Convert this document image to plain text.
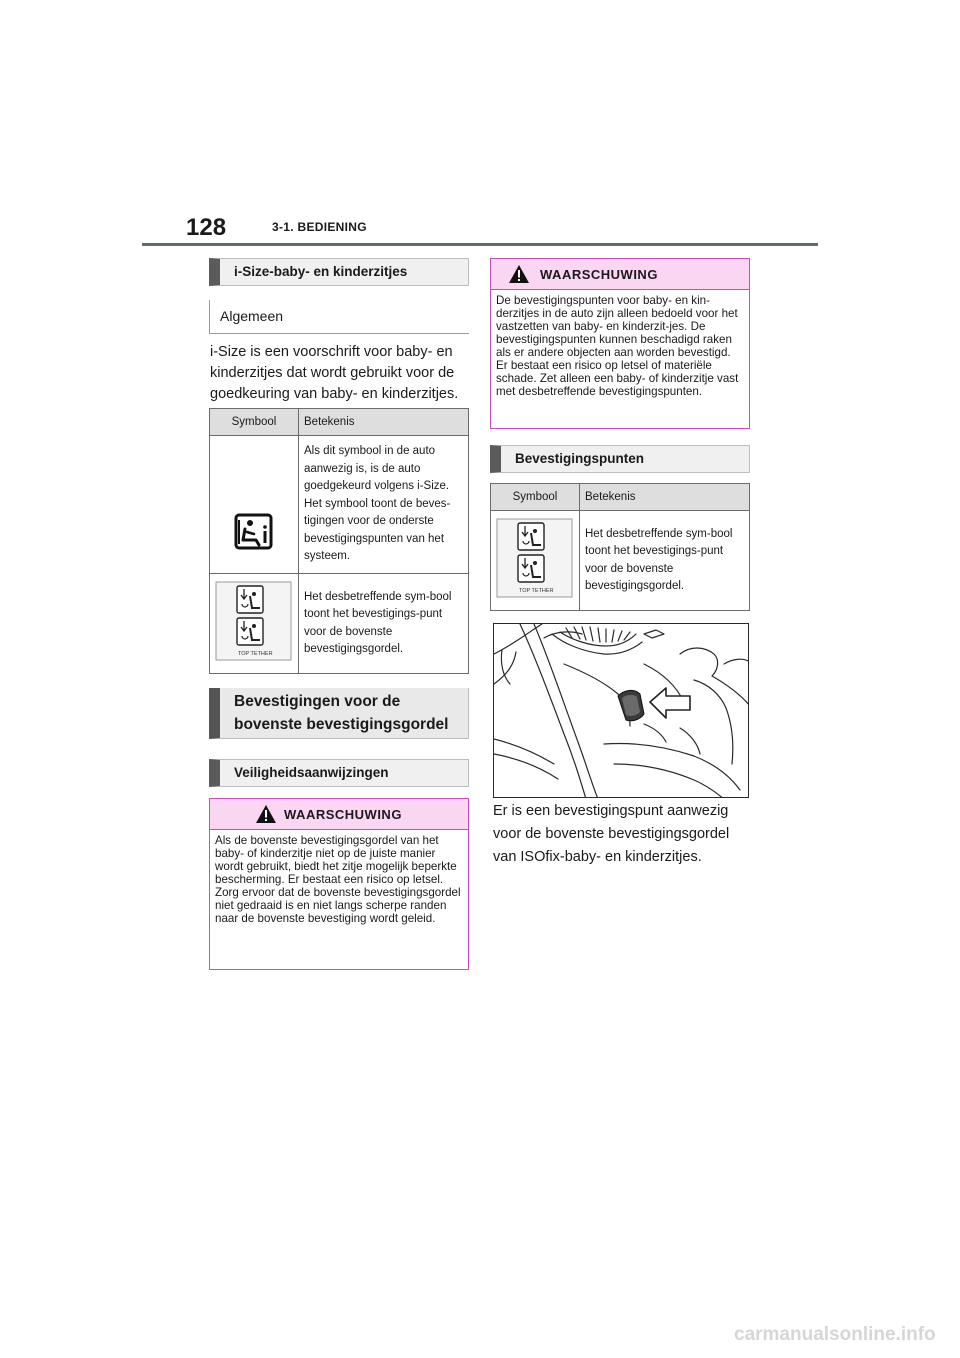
128	3-1. BEDIENING
i-Size-baby- en kinderzitjes
Algemeen
i-Size is een voorschrift voor baby- en kinderzitjes dat wordt gebruikt voor de goedkeuring van baby- en kinderzitjes.
Symbool	Betekenis
	Als dit symbool in de auto aanwezig is, is de auto goedgekeurd volgens i-Size. Het symbool toont de beves-tigingen voor de onderste bevestigingspunten van het systeem.

TOP TETHER	Het desbetreffende sym-bool toont het bevestigings-punt voor de bovenste bevestigingsgordel.
Bevestigingen voor de bovenste bevestigingsgordel
Veiligheidsaanwijzingen
WAARSCHUWING
Als de bovenste bevestigingsgordel van het baby- of kinderzitje niet op de juiste manier wordt gebruikt, biedt het zitje mogelijk beperkte bescherming. Er bestaat een risico op letsel. Zorg ervoor dat de bovenste bevestigingsgordel niet gedraaid is en niet langs scherpe randen naar de bovenste bevestiging wordt geleid.
WAARSCHUWING
De bevestigingspunten voor baby- en kin-derzitjes in de auto zijn alleen bedoeld voor het vastzetten van baby- en kinderzit-jes. De bevestigingspunten kunnen beschadigd raken als er andere objecten aan worden bevestigd. Er bestaat een risico op letsel of materiële schade. Zet alleen een baby- of kinderzitje vast met desbetreffende bevestigingspunten.
Bevestigingspunten
Symbool	Betekenis

TOP TETHER	Het desbetreffende sym-bool toont het bevestigings-punt voor de bovenste bevestigingsgordel.
Er is een bevestigingspunt aanwezig voor de bovenste bevestigingsgordel van ISOfix-baby- en kinderzitjes.
carmanualsonline.info
